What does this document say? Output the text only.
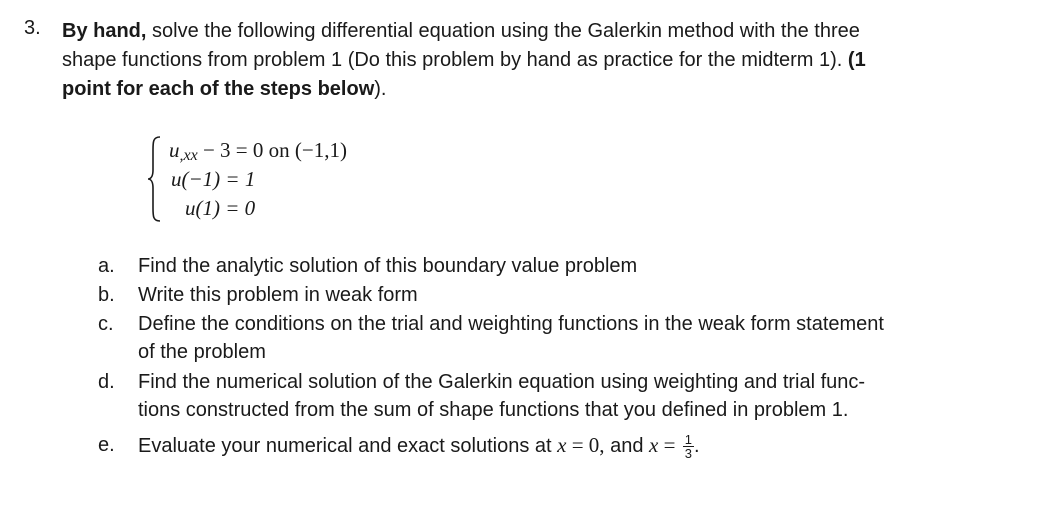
3. By hand, solve the following differential equation using the Galerkin method with the three
shape functions from problem 1 (Do this problem by hand as practice for the midterm 1). (1
point for each of the steps below).
u,xx − 3 = 0 on (−1,1)
u(−1) = 1
u(1) = 0
a.	Find the analytic solution of this boundary value problem
b.	Write this problem in weak form
c.	Define the conditions on the trial and weighting functions in the weak form statement
of the problem
d.	Find the numerical solution of the Galerkin equation using weighting and trial func-
tions constructed from the sum of shape functions that you defined in problem 1.
e.	Evaluate your numerical and exact solutions at x = 0, and $x = \frac{1}{3}$ .
